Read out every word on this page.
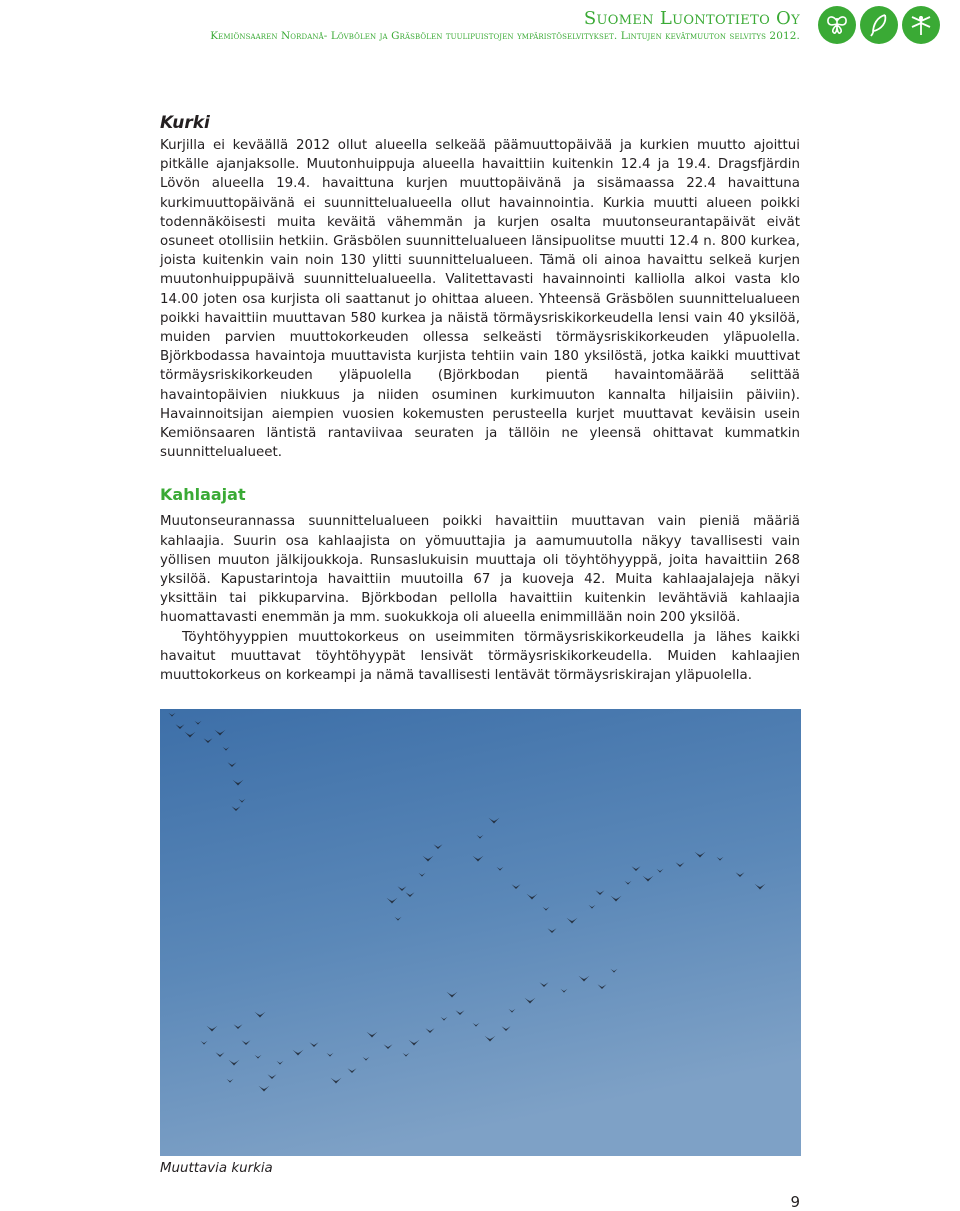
Suomen Luontotieto Oy
Kemiönsaaren Nordanå- Lövbölen ja Gräsbölen tuulipuistojen ympäristöselvitykset. Lintujen kevätmuuton selvitys 2012.
Kurki

Kurjilla ei keväällä 2012 ollut alueella selkeää päämuuttopäivää ja kurkien muutto ajoittui pitkälle ajanjaksolle. Muutonhuippuja alueella havaittiin kuitenkin 12.4 ja 19.4. Dragsfjärdin Lövön alueella 19.4. havaittuna kurjen muuttopäivänä ja sisämaassa 22.4 havaittuna kurkimuuttopäivänä ei suunnittelualueella ollut havainnointia. Kurkia muutti alueen poikki todennäköisesti muita keväitä vähemmän ja kurjen osalta muutonseurantapäivät eivät osuneet otollisiin hetkiin. Gräsbölen suunnittelualueen länsipuolitse muutti 12.4 n. 800 kurkea, joista kuitenkin vain noin 130 ylitti suunnittelualueen. Tämä oli ainoa havaittu selkeä kurjen muutonhuippupäivä suunnittelualueella. Valitettavasti havainnointi kalliolla alkoi vasta klo 14.00 joten osa kurjista oli saattanut jo ohittaa alueen. Yhteensä Gräsbölen suunnittelualueen poikki havaittiin muuttavan 580 kurkea ja näistä törmäysriskikorkeudella lensi vain 40 yksilöä, muiden parvien muuttokorkeuden ollessa selkeästi törmäysriskikorkeuden yläpuolella. Björkbodassa havaintoja muuttavista kurjista tehtiin vain 180 yksilöstä, jotka kaikki muuttivat törmäysriskikorkeuden yläpuolella (Björkbodan pientä havaintomäärää selittää havaintopäivien niukkuus ja niiden osuminen kurkimuuton kannalta hiljaisiin päiviin). Havainnoitsijan aiempien vuosien kokemusten perusteella kurjet muuttavat keväisin usein Kemiönsaaren läntistä rantaviivaa seuraten ja tällöin ne yleensä ohittavat kummatkin suunnittelualueet.

Kahlaajat

Muutonseurannassa suunnittelualueen poikki havaittiin muuttavan vain pieniä määriä kahlaajia. Suurin osa kahlaajista on yömuuttajia ja aamumuutolla näkyy tavallisesti vain yöllisen muuton jälkijoukkoja. Runsaslukuisin muuttaja oli töyhtöhyyppä, joita havaittiin 268 yksilöä. Kapustarintoja havaittiin muutoilla 67 ja kuoveja 42. Muita kahlaajalajeja näkyi yksittäin tai pikkuparvina. Björkbodan pellolla havaittiin kuitenkin levähtäviä kahlaajia huomattavasti enemmän ja mm. suokukkoja oli alueella enimmillään noin 200 yksilöä.

Töyhtöhyyppien muuttokorkeus on useimmiten törmäysriskikorkeudella ja lähes kaikki havaitut muuttavat töyhtöhyypät lensivät törmäysriskikorkeudella. Muiden kahlaajien muuttokorkeus on korkeampi ja nämä tavallisesti lentävät törmäysriskirajan yläpuolella.

Muuttavia kurkia
9
